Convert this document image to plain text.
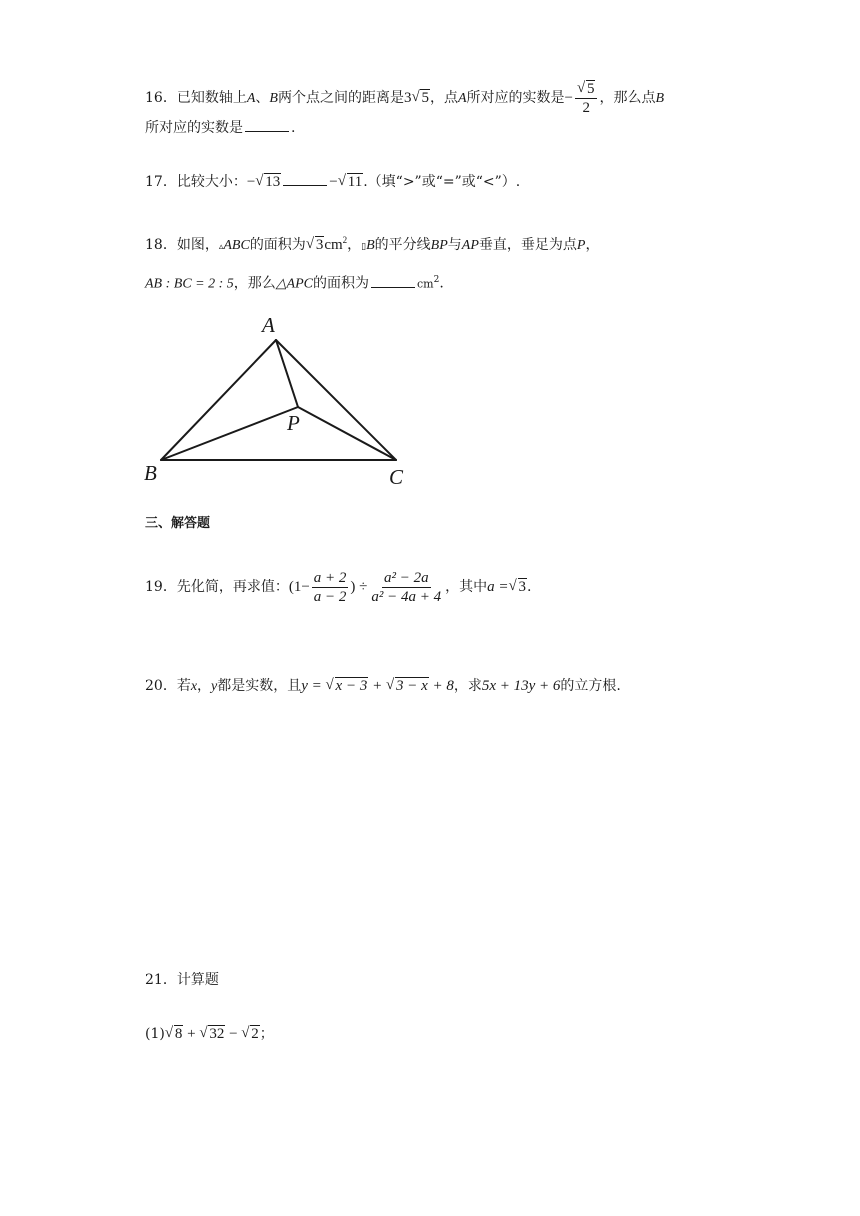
16．已知数轴上A、B两个点之间的距离是3 √ 5，点A所对应的实数是− √ $\frac{5}{2}$ ，那么点B
所对应的实数是	.
17．比较大小：− √ 13	− √ 11.（填“>”或“=”或“<”）.
18．如图，▵ABC的面积为 √ $3cm^2$，▯B的平分线BP与AP垂直，垂足为点P，
AB : BC = 2 : 5，那么△APC的面积为	$cm^2$.
A
B	C
P
三、解答题
19．先化简，再求值：($1- \frac{a + 2}{a - 2}$ ) ÷ $\frac{\text{a² − 2a}}{\text{a² − 4a + 4}}$ ，其中a = √ 3.
20．若x，y都是实数，且y = √ x − 3 + √ 3 − x + 8，求5x + 13y + 6的立方根.
21．计算题
(1) √ 8 + √ 32 − √ 2；
